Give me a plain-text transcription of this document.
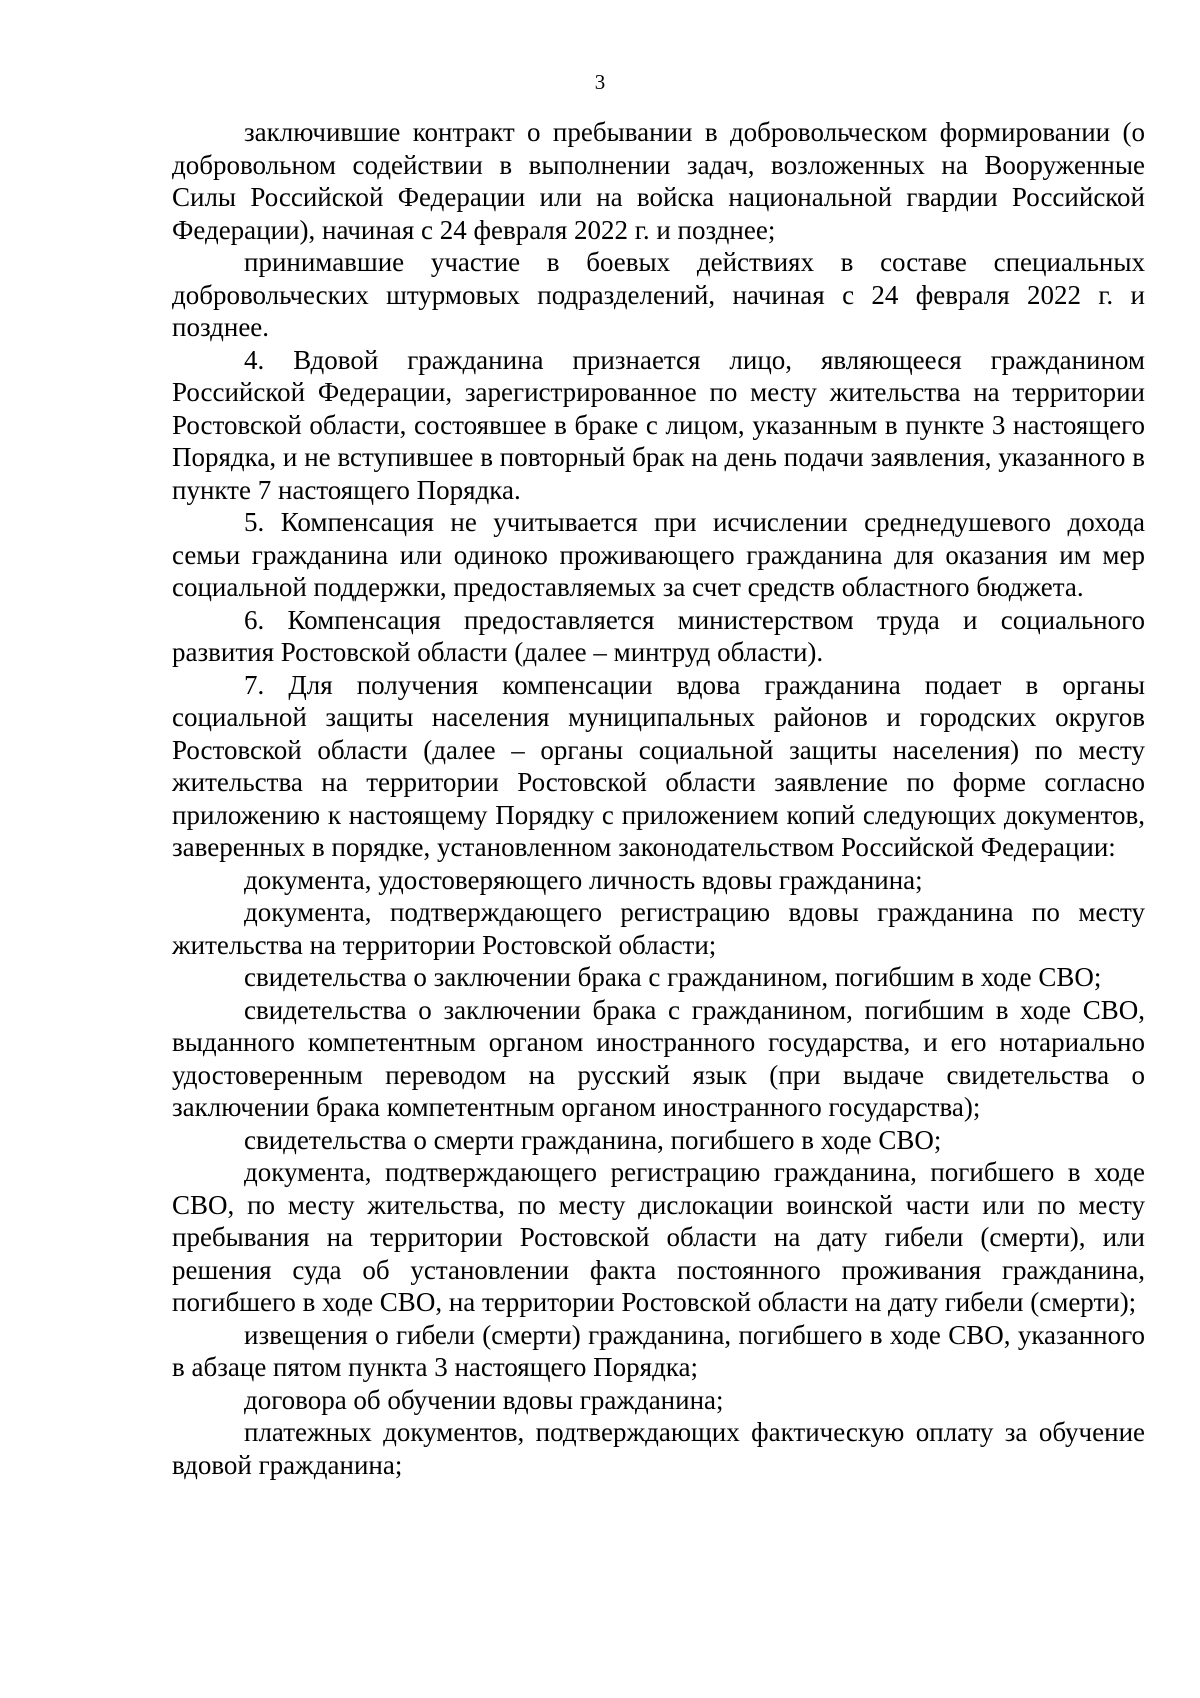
3

заключившие контракт о пребывании в добровольческом формировании (о добровольном содействии в выполнении задач, возложенных на Вооруженные Силы Российской Федерации или на войска национальной гвардии Российской Федерации), начиная с 24 февраля 2022 г. и позднее;

принимавшие участие в боевых действиях в составе специальных добровольческих штурмовых подразделений, начиная с 24 февраля 2022 г. и позднее.

4. Вдовой гражданина признается лицо, являющееся гражданином Российской Федерации, зарегистрированное по месту жительства на территории Ростовской области, состоявшее в браке с лицом, указанным в пункте 3 настоящего Порядка, и не вступившее в повторный брак на день подачи заявления, указанного в пункте 7 настоящего Порядка.

5. Компенсация не учитывается при исчислении среднедушевого дохода семьи гражданина или одиноко проживающего гражданина для оказания им мер социальной поддержки, предоставляемых за счет средств областного бюджета.

6. Компенсация предоставляется министерством труда и социального развития Ростовской области (далее – минтруд области).

7. Для получения компенсации вдова гражданина подает в органы социальной защиты населения муниципальных районов и городских округов Ростовской области (далее – органы социальной защиты населения) по месту жительства на территории Ростовской области заявление по форме согласно приложению к настоящему Порядку с приложением копий следующих документов, заверенных в порядке, установленном законодательством Российской Федерации:

документа, удостоверяющего личность вдовы гражданина;

документа, подтверждающего регистрацию вдовы гражданина по месту жительства на территории Ростовской области;

свидетельства о заключении брака с гражданином, погибшим в ходе СВО;

свидетельства о заключении брака с гражданином, погибшим в ходе СВО, выданного компетентным органом иностранного государства, и его нотариально удостоверенным переводом на русский язык (при выдаче свидетельства о заключении брака компетентным органом иностранного государства);

свидетельства о смерти гражданина, погибшего в ходе СВО;

документа, подтверждающего регистрацию гражданина, погибшего в ходе СВО, по месту жительства, по месту дислокации воинской части или по месту пребывания на территории Ростовской области на дату гибели (смерти), или решения суда об установлении факта постоянного проживания гражданина, погибшего в ходе СВО, на территории Ростовской области на дату гибели (смерти);

извещения о гибели (смерти) гражданина, погибшего в ходе СВО, указанного в абзаце пятом пункта 3 настоящего Порядка;

договора об обучении вдовы гражданина;

платежных документов, подтверждающих фактическую оплату за обучение вдовой гражданина;
